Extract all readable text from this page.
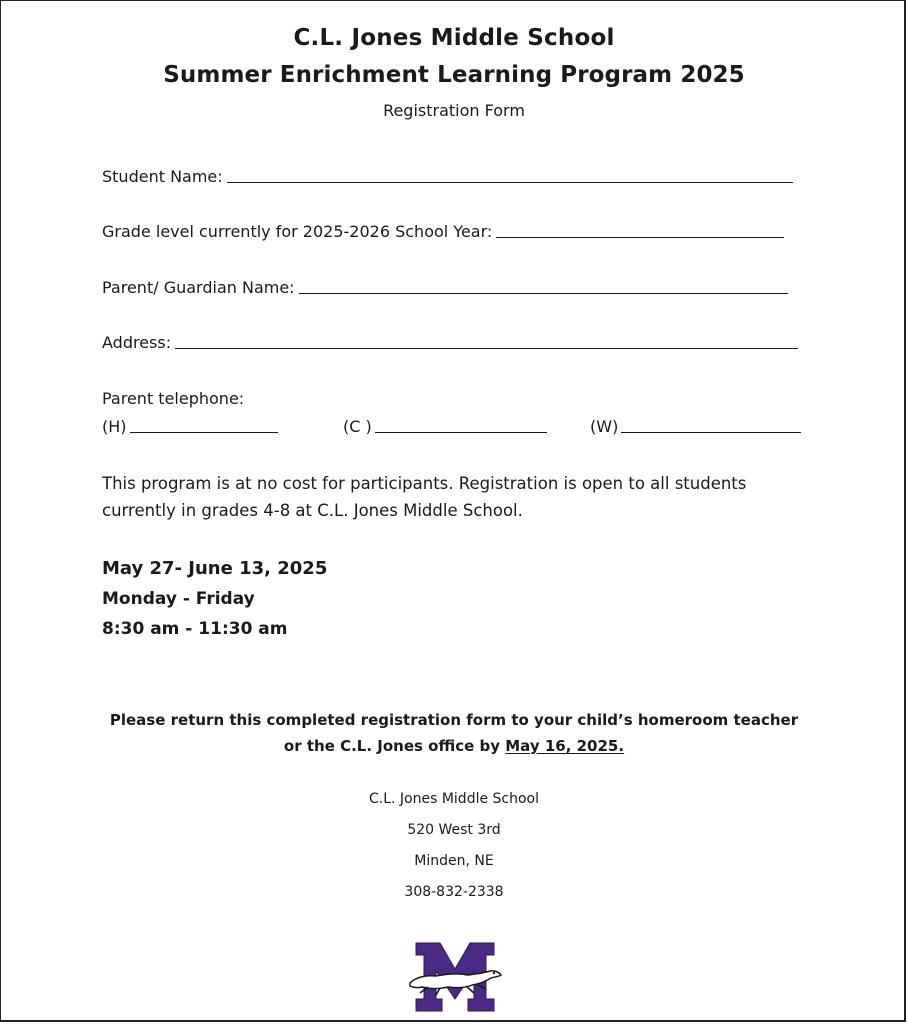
C.L. Jones Middle School
Summer Enrichment Learning Program 2025
Registration Form
Student Name:
Grade level currently for 2025-2026 School Year:
Parent/ Guardian Name:
Address:
Parent telephone:
(H)	(C )	(W)
This program is at no cost for participants. Registration is open to all students
currently in grades 4-8 at C.L. Jones Middle School.
May 27- June 13, 2025
Monday - Friday
8:30 am - 11:30 am
Please return this completed registration form to your child’s homeroom teacher
or the C.L. Jones office by May 16, 2025.
C.L. Jones Middle School
520 West 3rd
Minden, NE
308-832-2338
